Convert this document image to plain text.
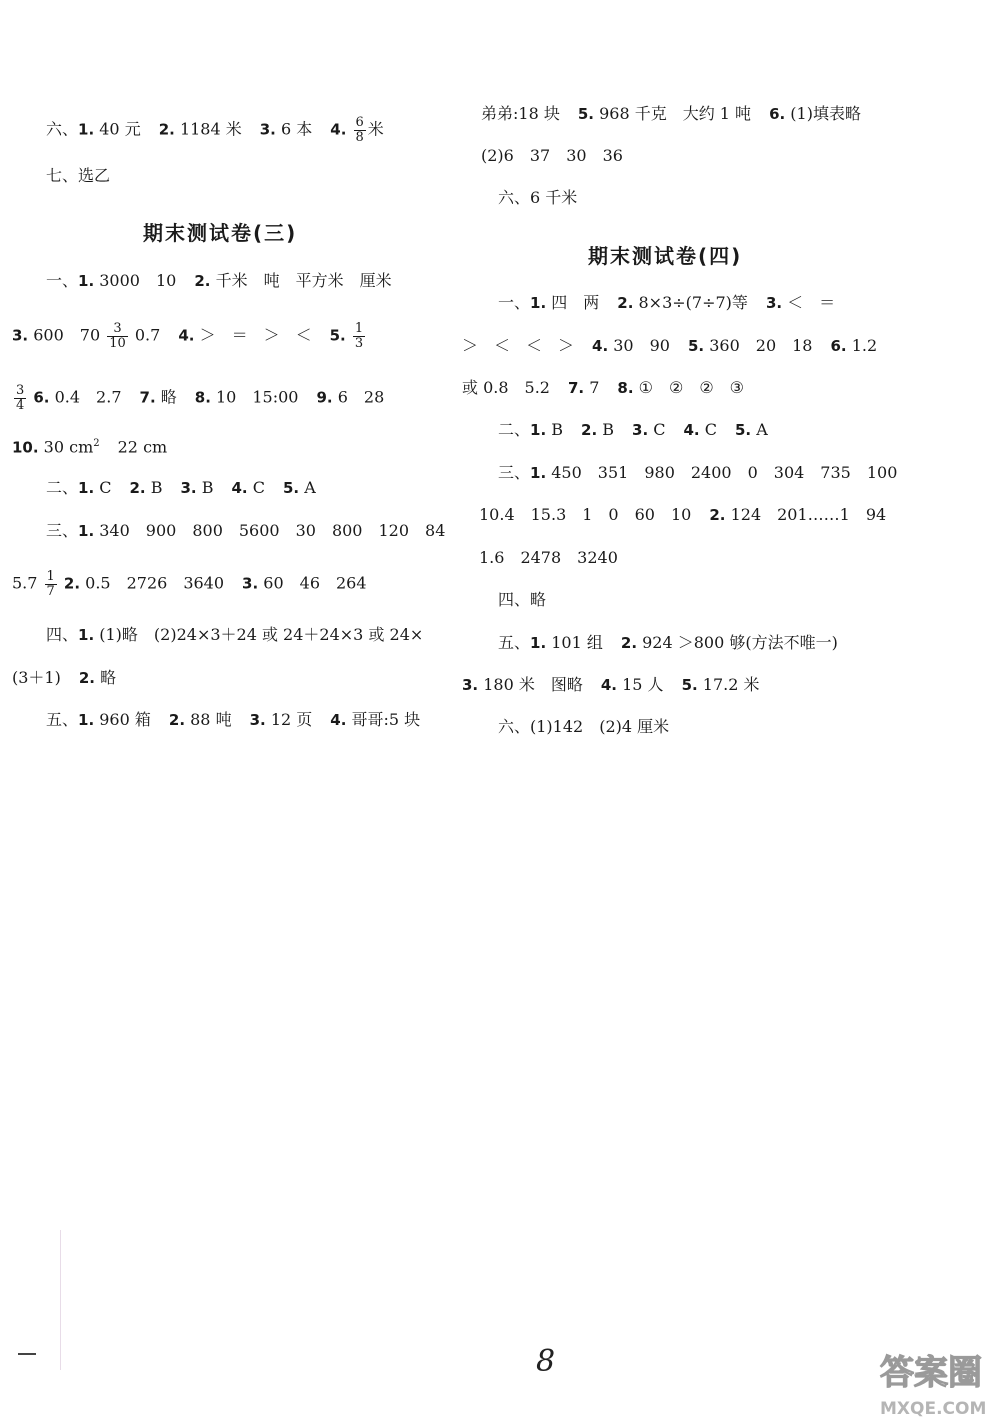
六、1. 40 元 2. 1184 米 3. 6 本 4. $\frac{6}{8}$ 米
七、选乙
期末测试卷(三)
一、1. 3000　10 2. 千米　吨　平方米　厘米
3. 600　$70 \frac{3}{10} 0.7$ 4. ＞　＝　＞　＜ 5. $\frac{1}{3}$
$\frac{3}{4} 6$. 0.4　2.7 7. 略 8. 10　15:00 9. 6　28
10. 30 $cm^2$ 22 cm
二、1. C 2. B 3. B 4. C 5. A
三、1. 340　900　800　5600　30　800　120　84
$5.7 \frac{1}{7} 2$. 0.5　2726　3640 3. 60　46　264
四、1. (1)略　(2)24×3＋24 或 24＋24×3 或 24×
(3＋1) 2. 略
五、1. 960 箱 2. 88 吨 3. 12 页 4. 哥哥:5 块
弟弟:18 块 5. 968 千克　大约 1 吨 6. (1)填表略
(2)6　37　30　36
六、6 千米
期末测试卷(四)
一、1. 四　两 2. 8×3÷(7÷7)等 3. ＜　＝
＞　＜　＜　＞ 4. 30　90 5. 360　20　18 6. 1.2
或 0.8　5.2 7. 7 8. ①　②　②　③
二、1. B 2. B 3. C 4. C 5. A
三、1. 450　351　980　2400　0　304　735　100
10.4　15.3　1　0　60　10 2. 124　201……1　94
1.6　2478　3240
四、略
五、1. 101 组 2. 924 ＞800 够(方法不唯一)
3. 180 米　图略 4. 15 人 5. 17.2 米
六、(1)142　(2)4 厘米
8	答案圈
MXQE.COM
